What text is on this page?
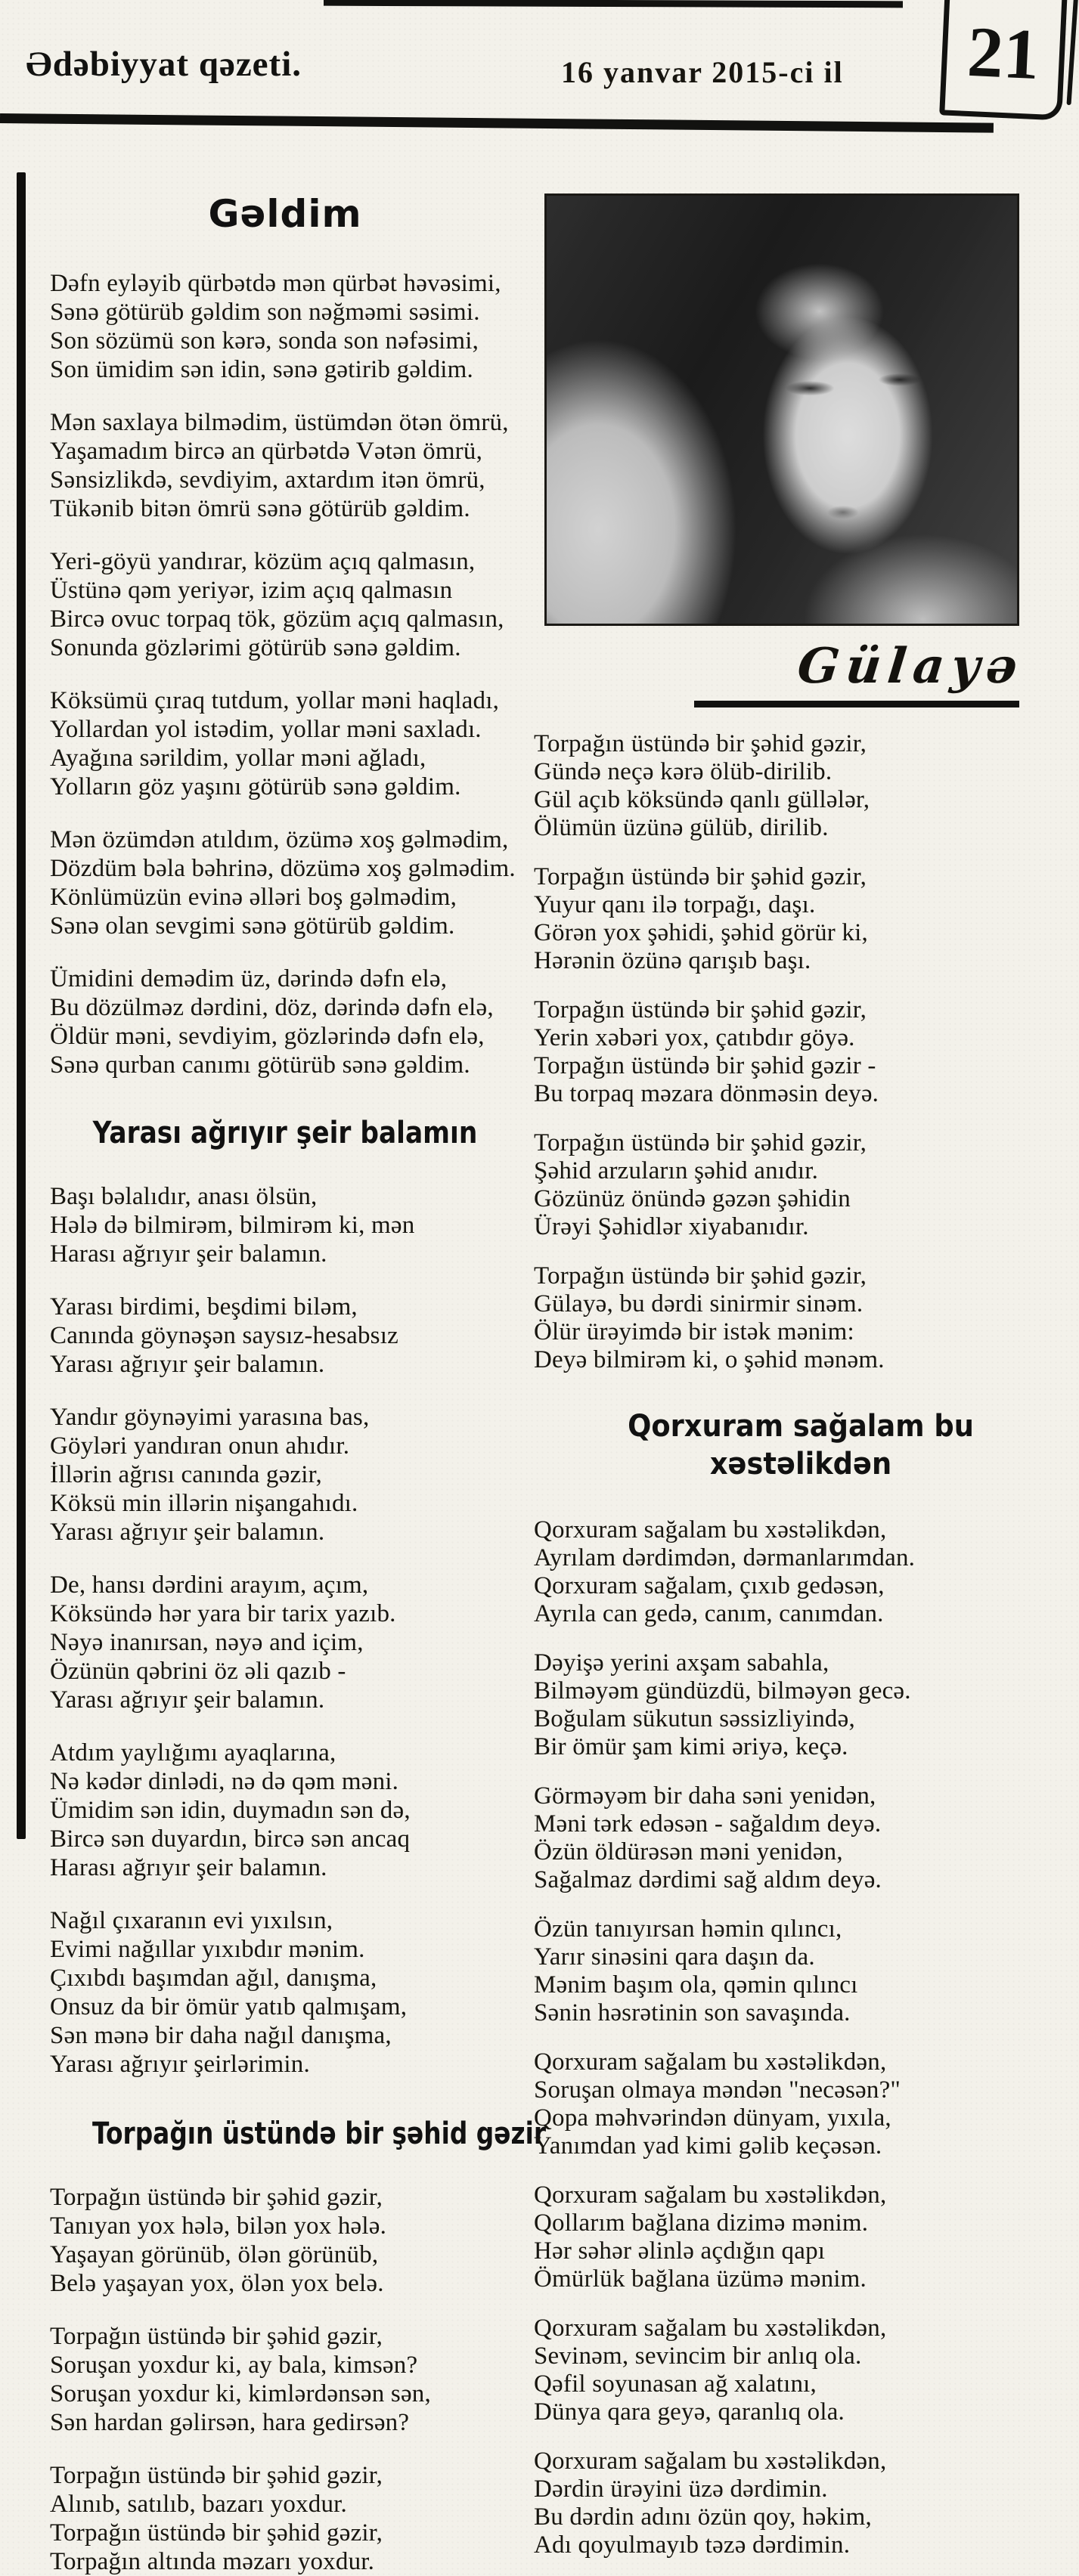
Ədəbiyyat qəzeti.	16 yanvar 2015-ci il 21
Gəldim
Dəfn eyləyib qürbətdə mən qürbət həvəsimi,
Sənə götürüb gəldim son nəğməmi səsimi.
Son sözümü son kərə, sonda son nəfəsimi,
Son ümidim sən idin, sənə gətirib gəldim.
Mən saxlaya bilmədim, üstümdən ötən ömrü,
Yaşamadım bircə an qürbətdə Vətən ömrü,
Sənsizlikdə, sevdiyim, axtardım itən ömrü,
Tükənib bitən ömrü sənə götürüb gəldim.
Yeri-göyü yandırar, közüm açıq qalmasın,
Üstünə qəm yeriyər, izim açıq qalmasın
Bircə ovuc torpaq tök, gözüm açıq qalmasın,
Sonunda gözlərimi götürüb sənə gəldim.
Köksümü çıraq tutdum, yollar məni haqladı,
Yollardan yol istədim, yollar məni saxladı.
Ayağına sərildim, yollar məni ağladı,
Yolların göz yaşını götürüb sənə gəldim.
Mən özümdən atıldım, özümə xoş gəlmədim,
Dözdüm bəla bəhrinə, dözümə xoş gəlmədim.
Könlümüzün evinə əlləri boş gəlmədim,
Sənə olan sevgimi sənə götürüb gəldim.
Ümidini demədim üz, dərində dəfn elə,
Bu dözülməz dərdini, döz, dərində dəfn elə,
Öldür məni, sevdiyim, gözlərində dəfn elə,
Sənə qurban canımı götürüb sənə gəldim.
Yarası ağrıyır şeir balamın
Başı bəlalıdır, anası ölsün,
Hələ də bilmirəm, bilmirəm ki, mən
Harası ağrıyır şeir balamın.
Yarası birdimi, beşdimi biləm,
Canında göynəşən saysız-hesabsız
Yarası ağrıyır şeir balamın.
Yandır göynəyimi yarasına bas,
Göyləri yandıran onun ahıdır.
İllərin ağrısı canında gəzir,
Köksü min illərin nişangahıdı.
Yarası ağrıyır şeir balamın.
De, hansı dərdini arayım, açım,
Köksündə hər yara bir tarix yazıb.
Nəyə inanırsan, nəyə and içim,
Özünün qəbrini öz əli qazıb -
Yarası ağrıyır şeir balamın.
Atdım yaylığımı ayaqlarına,
Nə kədər dinlədi, nə də qəm məni.
Ümidim sən idin, duymadın sən də,
Bircə sən duyardın, bircə sən ancaq
Harası ağrıyır şeir balamın.
Nağıl çıxaranın evi yıxılsın,
Evimi nağıllar yıxıbdır mənim.
Çıxıbdı başımdan ağıl, danışma,
Onsuz da bir ömür yatıb qalmışam,
Sən mənə bir daha nağıl danışma,
Yarası ağrıyır şeirlərimin.
Torpağın üstündə bir şəhid gəzir
Torpağın üstündə bir şəhid gəzir,
Tanıyan yox hələ, bilən yox hələ.
Yaşayan görünüb, ölən görünüb,
Belə yaşayan yox, ölən yox belə.
Torpağın üstündə bir şəhid gəzir,
Soruşan yoxdur ki, ay bala, kimsən?
Soruşan yoxdur ki, kimlərdənsən sən,
Sən hardan gəlirsən, hara gedirsən?
Torpağın üstündə bir şəhid gəzir,
Alınıb, satılıb, bazarı yoxdur.
Torpağın üstündə bir şəhid gəzir,
Torpağın altında məzarı yoxdur.
Gülayə
Torpağın üstündə bir şəhid gəzir,
Gündə neçə kərə ölüb-dirilib.
Gül açıb köksündə qanlı güllələr,
Ölümün üzünə gülüb, dirilib.
Torpağın üstündə bir şəhid gəzir,
Yuyur qanı ilə torpağı, daşı.
Görən yox şəhidi, şəhid görür ki,
Hərənin özünə qarışıb başı.
Torpağın üstündə bir şəhid gəzir,
Yerin xəbəri yox, çatıbdır göyə.
Torpağın üstündə bir şəhid gəzir -
Bu torpaq məzara dönməsin deyə.
Torpağın üstündə bir şəhid gəzir,
Şəhid arzuların şəhid anıdır.
Gözünüz önündə gəzən şəhidin
Ürəyi Şəhidlər xiyabanıdır.
Torpağın üstündə bir şəhid gəzir,
Gülayə, bu dərdi sinirmir sinəm.
Ölür ürəyimdə bir istək mənim:
Deyə bilmirəm ki, o şəhid mənəm.
Qorxuram sağalam bu xəstəlikdən
Qorxuram sağalam bu xəstəlikdən,
Ayrılam dərdimdən, dərmanlarımdan.
Qorxuram sağalam, çıxıb gedəsən,
Ayrıla can gedə, canım, canımdan.
Dəyişə yerini axşam sabahla,
Bilməyəm gündüzdü, bilməyən gecə.
Boğulam sükutun səssizliyində,
Bir ömür şam kimi əriyə, keçə.
Görməyəm bir daha səni yenidən,
Məni tərk edəsən - sağaldım deyə.
Özün öldürəsən məni yenidən,
Sağalmaz dərdimi sağ aldım deyə.
Özün tanıyırsan həmin qılıncı,
Yarır sinəsini qara daşın da.
Mənim başım ola, qəmin qılıncı
Sənin həsrətinin son savaşında.
Qorxuram sağalam bu xəstəlikdən,
Soruşan olmaya məndən "necəsən?"
Qopa məhvərindən dünyam, yıxıla,
Yanımdan yad kimi gəlib keçəsən.
Qorxuram sağalam bu xəstəlikdən,
Qollarım bağlana dizimə mənim.
Hər səhər əlinlə açdığın qapı
Ömürlük bağlana üzümə mənim.
Qorxuram sağalam bu xəstəlikdən,
Sevinəm, sevincim bir anlıq ola.
Qəfil soyunasan ağ xalatını,
Dünya qara geyə, qaranlıq ola.
Qorxuram sağalam bu xəstəlikdən,
Dərdin ürəyini üzə dərdimin.
Bu dərdin adını özün qoy, həkim,
Adı qoyulmayıb təzə dərdimin.
